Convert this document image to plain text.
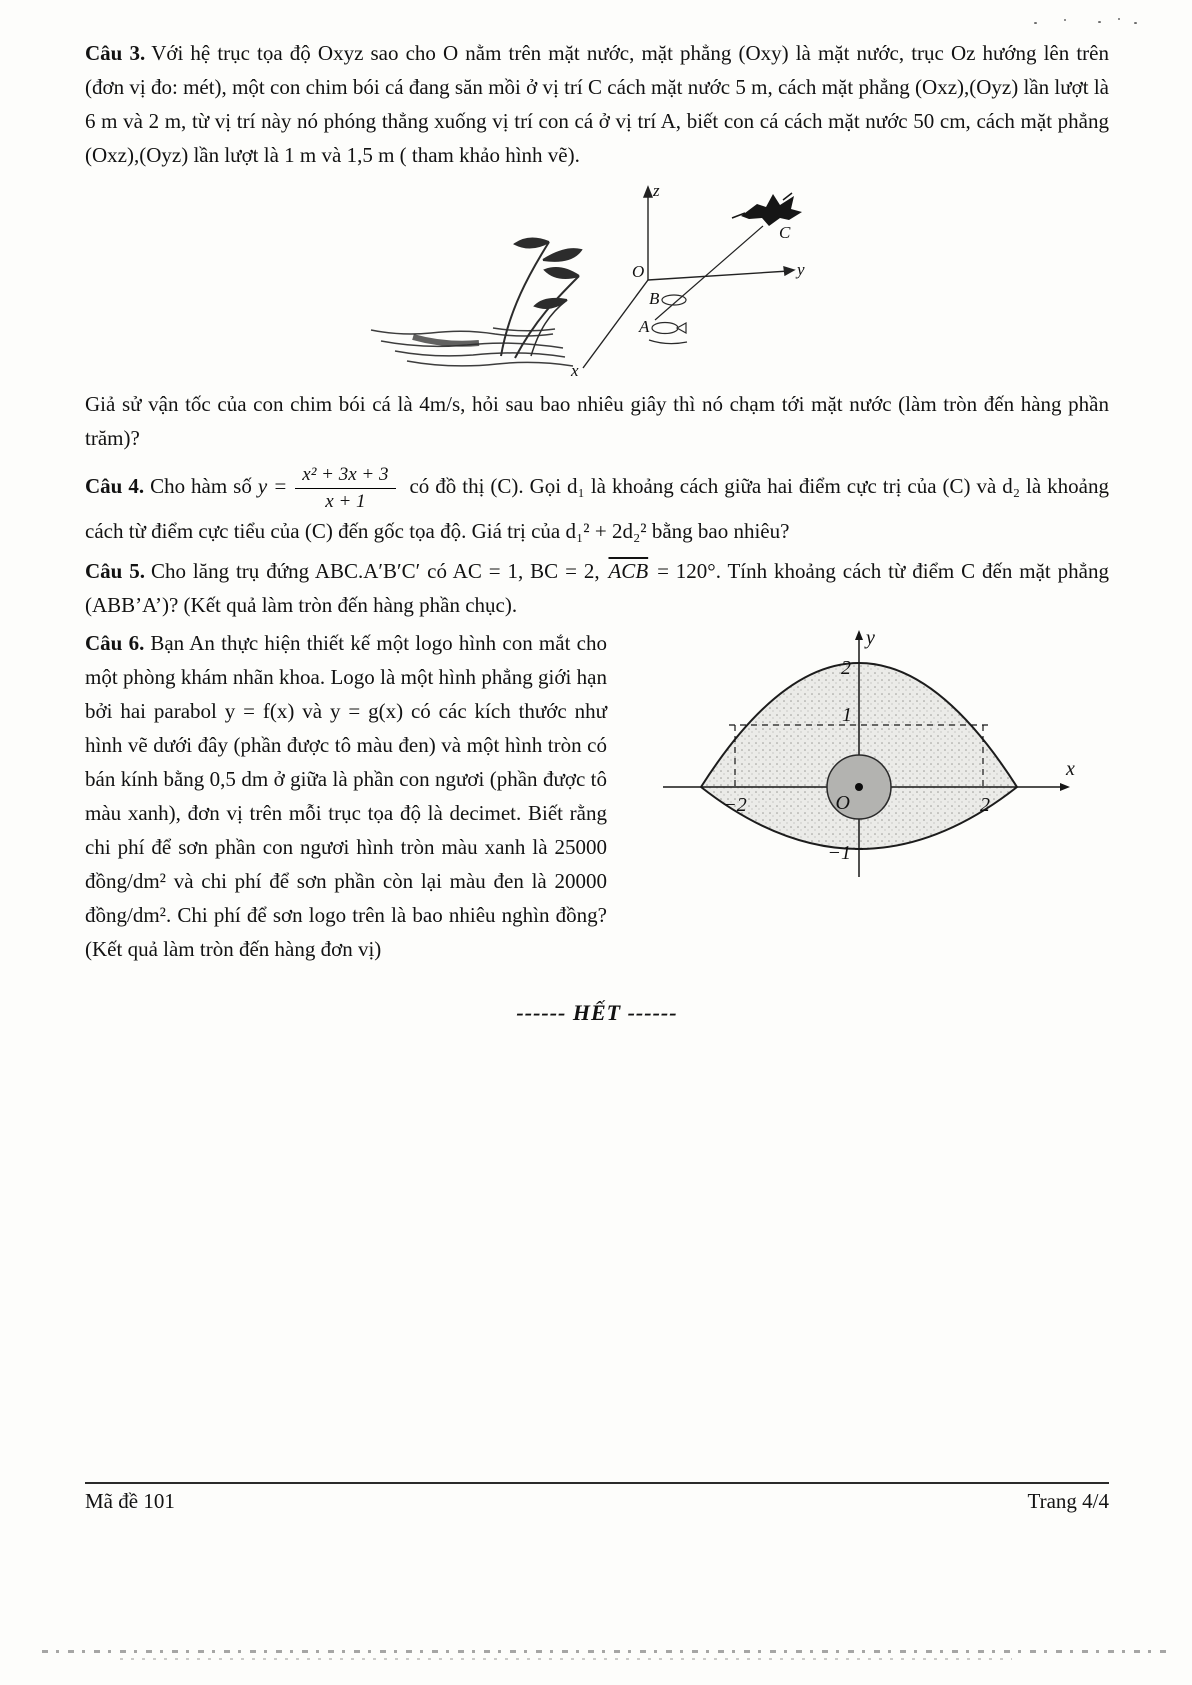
Câu 3. Với hệ trục tọa độ Oxyz sao cho O nằm trên mặt nước, mặt phẳng (Oxy) là mặt nước, trục Oz hướng lên trên (đơn vị đo: mét), một con chim bói cá đang săn mồi ở vị trí C cách mặt nước 5 m, cách mặt phẳng (Oxz),(Oyz) lần lượt là 6 m và 2 m, từ vị trí này nó phóng thẳng xuống vị trí con cá ở vị trí A, biết con cá cách mặt nước 50 cm, cách mặt phẳng (Oxz),(Oyz) lần lượt là 1 m và 1,5 m ( tham khảo hình vẽ).

z
y
x
O
C
B
A

Giả sử vận tốc của con chim bói cá là 4m/s, hỏi sau bao nhiêu giây thì nó chạm tới mặt nước (làm tròn đến hàng phần trăm)?

Câu 4. Cho hàm số $y = \frac{\text{x² + 3x + 3}}{x + 1}$ có đồ thị (C). Gọi d₁ là khoảng cách giữa hai điểm cực trị của (C) và d₂ là khoảng cách từ điểm cực tiểu của (C) đến gốc tọa độ. Giá trị của d₁² + 2d₂² bằng bao nhiêu?

Câu 5. Cho lăng trụ đứng ABC.A′B′C′ có AC = 1, BC = 2, $\overline{ACB} = 120^\circ$. Tính khoảng cách từ điểm C đến mặt phẳng (ABB’A’)? (Kết quả làm tròn đến hàng phần chục).

Câu 6. Bạn An thực hiện thiết kế một logo hình con mắt cho một phòng khám nhãn khoa. Logo là một hình phẳng giới hạn bởi hai parabol y = f(x) và y = g(x) có các kích thước như hình vẽ dưới đây (phần được tô màu đen) và một hình tròn có bán kính bằng 0,5 dm ở giữa là phần con ngươi (phần được tô màu xanh), đơn vị trên mỗi trục tọa độ là decimet. Biết rằng chi phí để sơn phần con ngươi hình tròn màu xanh là 25000 đồng/dm² và chi phí để sơn phần còn lại màu đen là 20000 đồng/dm². Chi phí để sơn logo trên là bao nhiêu nghìn đồng? (Kết quả làm tròn đến hàng đơn vị)

y
x
2
1
O
−2	2
−1

------ HẾT ------

Mã đề 101	Trang 4/4
